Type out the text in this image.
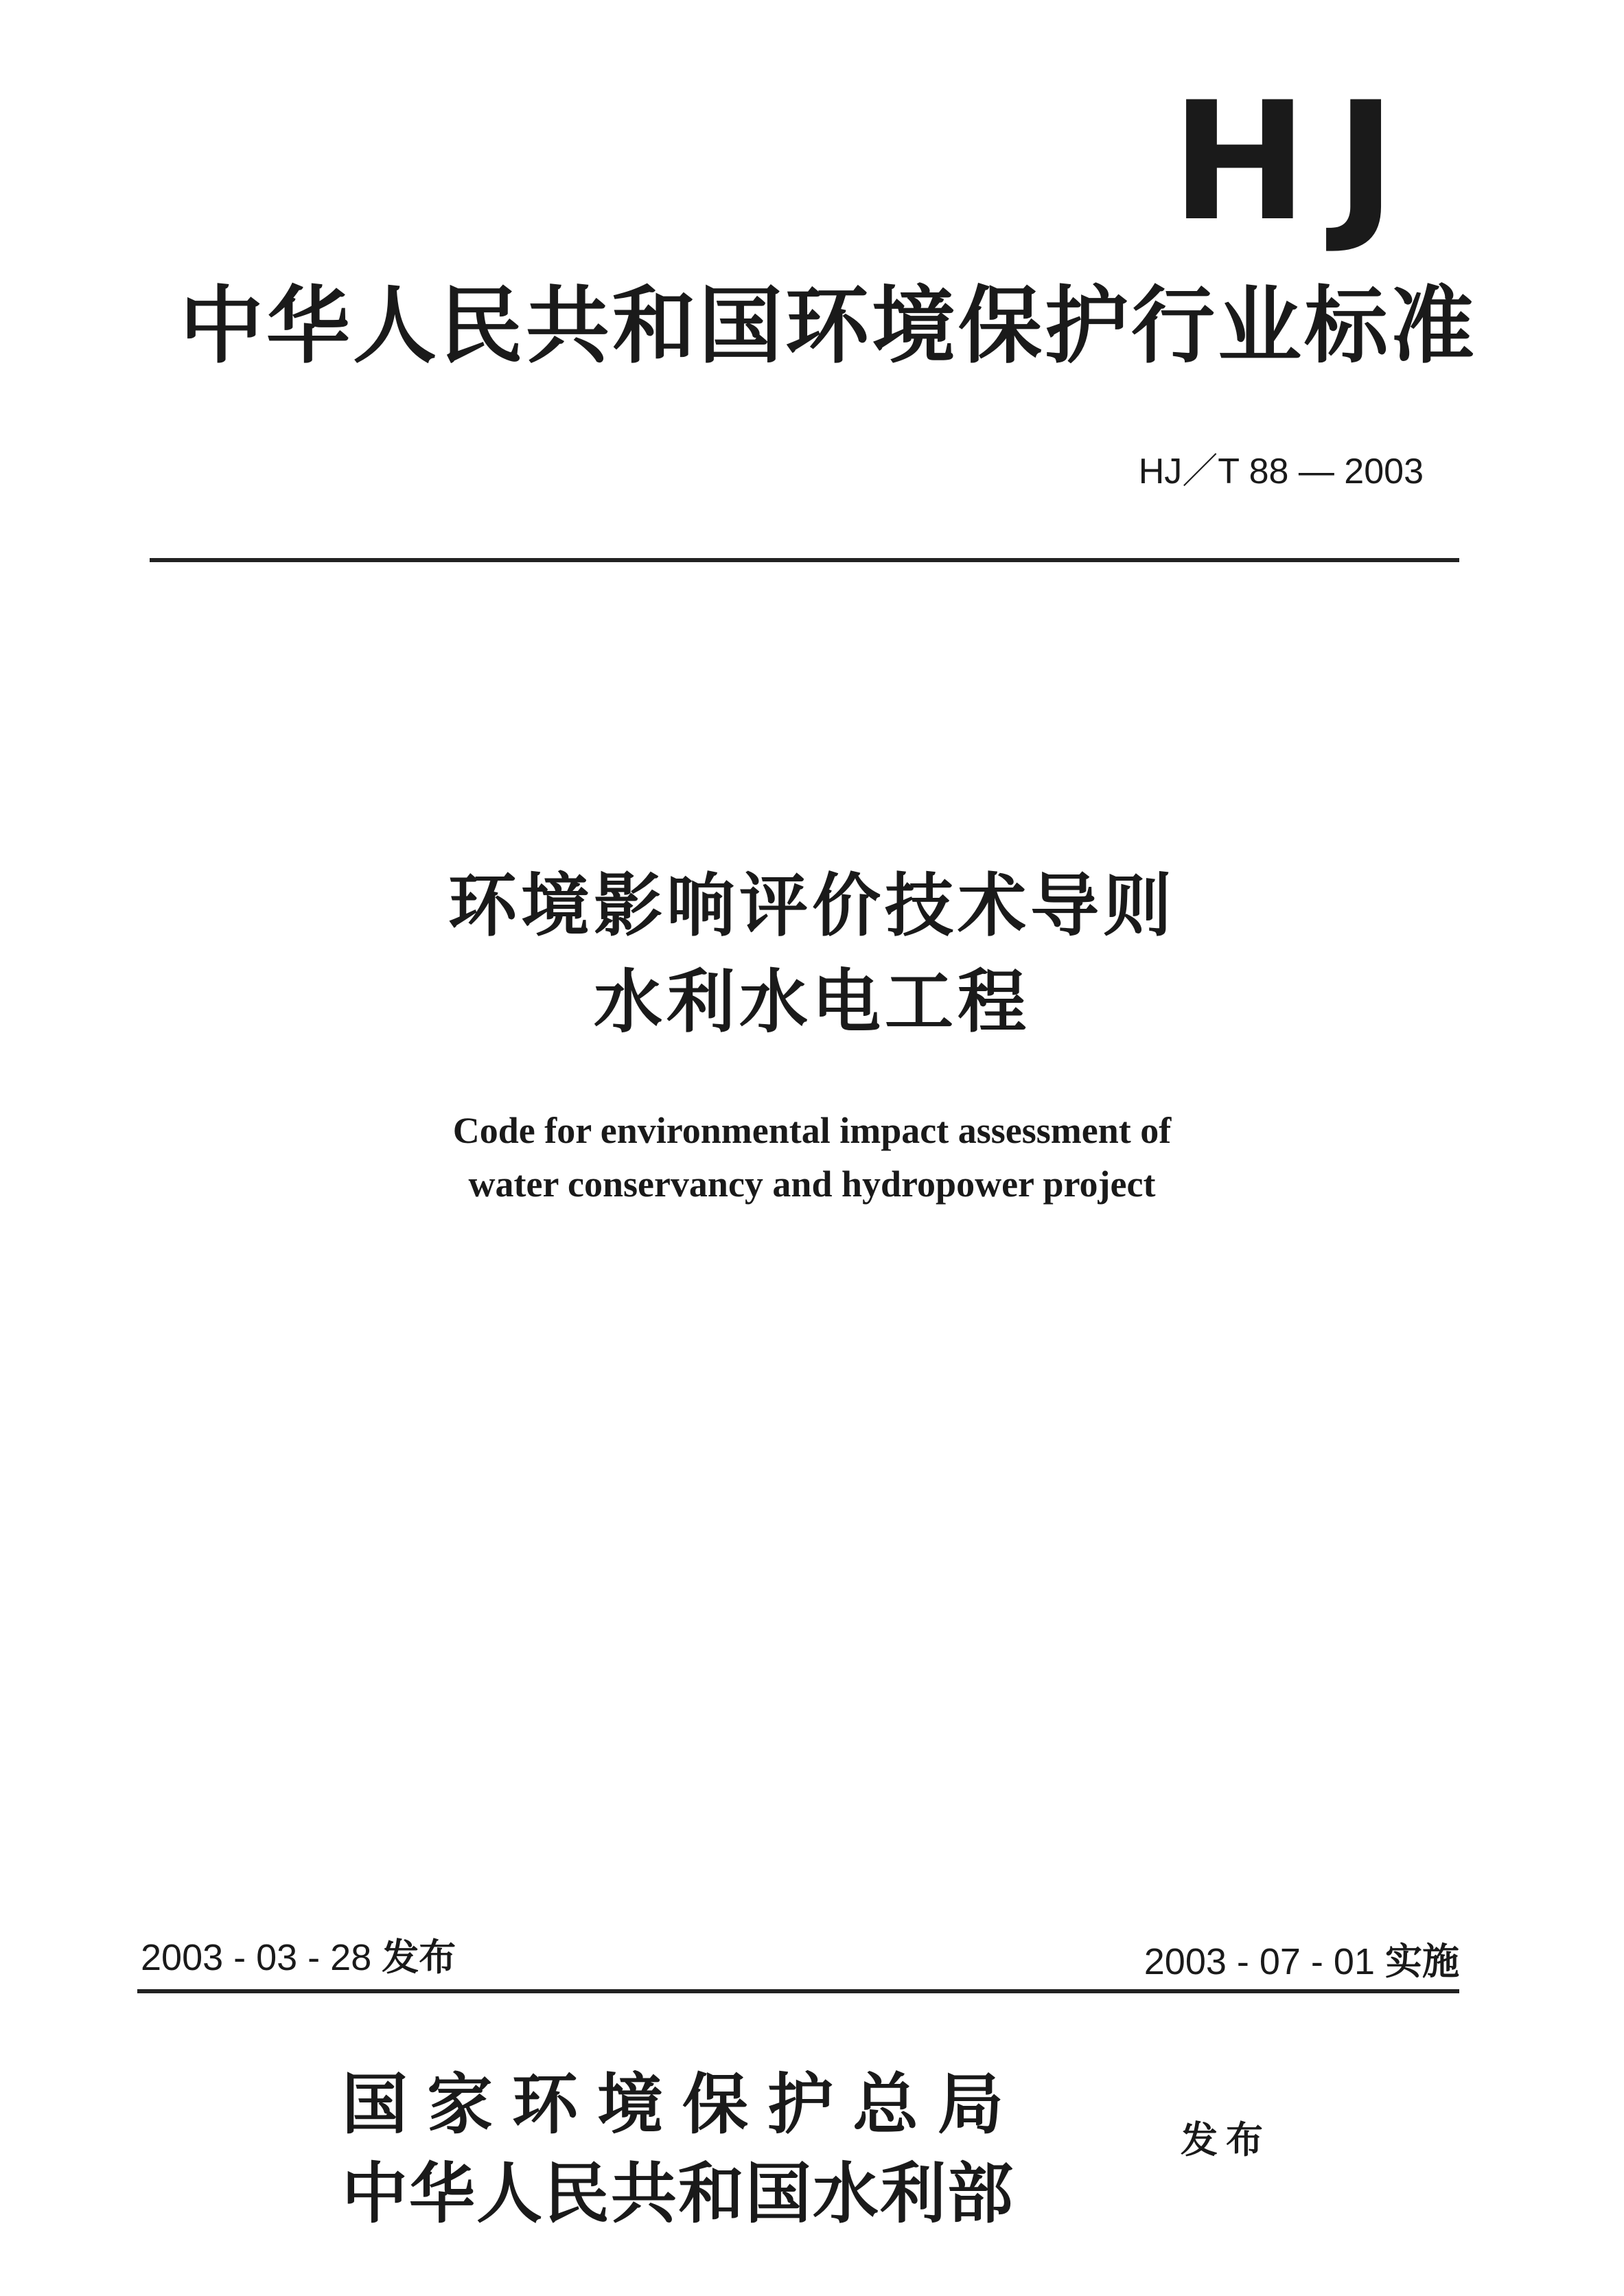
HJ
中华人民共和国环境保护行业标准
HJ／T 88 — 2003
环境影响评价技术导则
水利水电工程
Code for environmental impact assessment of
water conservancy and hydropower project
2003 - 03 - 28 发布	2003 - 07 - 01 实施
国家环境保护总局
中华人民共和国水利部
发布
